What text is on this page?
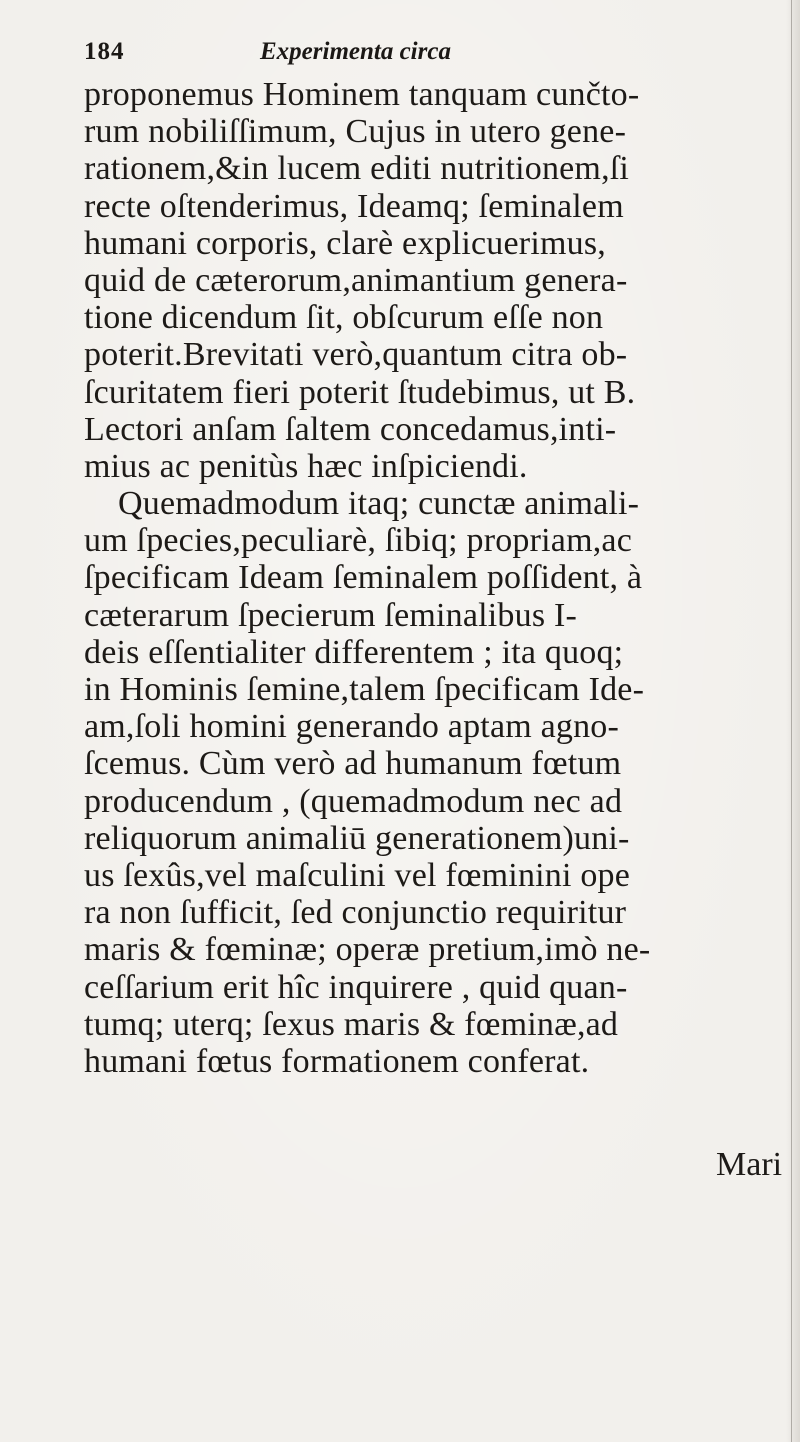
184	Experimenta circa
proponemus Hominem tanquam cunčto-
rum nobiliſſimum, Cujus in utero gene-
rationem,&in lucem editi nutritionem,ſi
recte oſtenderimus, Ideamq; ſeminalem
humani corporis, clarè explicuerimus,
quid de cæterorum,animantium genera-
tione dicendum ſit, obſcurum eſſe non
poterit.Brevitati verò,quantum citra ob-
ſcuritatem fieri poterit ſtudebimus, ut B.
Lectori anſam ſaltem concedamus,inti-
mius ac penitùs hæc inſpiciendi.
Quemadmodum itaq; cunctæ animali-
um ſpecies,peculiarè, ſibiq; propriam,ac
ſpecificam Ideam ſeminalem poſſident, à
cæterarum ſpecierum ſeminalibus I-
deis eſſentialiter differentem ; ita quoq;
in Hominis ſemine,talem ſpecificam Ide-
am,ſoli homini generando aptam agno-
ſcemus. Cùm verò ad humanum fœtum
producendum , (quemadmodum nec ad
reliquorum animaliū generationem)uni-
us ſexûs,vel maſculini vel fœminini ope
ra non ſufficit, ſed conjunctio requiritur
maris & fœminæ; operæ pretium,imò ne-
ceſſarium erit hîc inquirere , quid quan-
tumq; uterq; ſexus maris & fœminæ,ad
humani fœtus formationem conferat.
Mari
